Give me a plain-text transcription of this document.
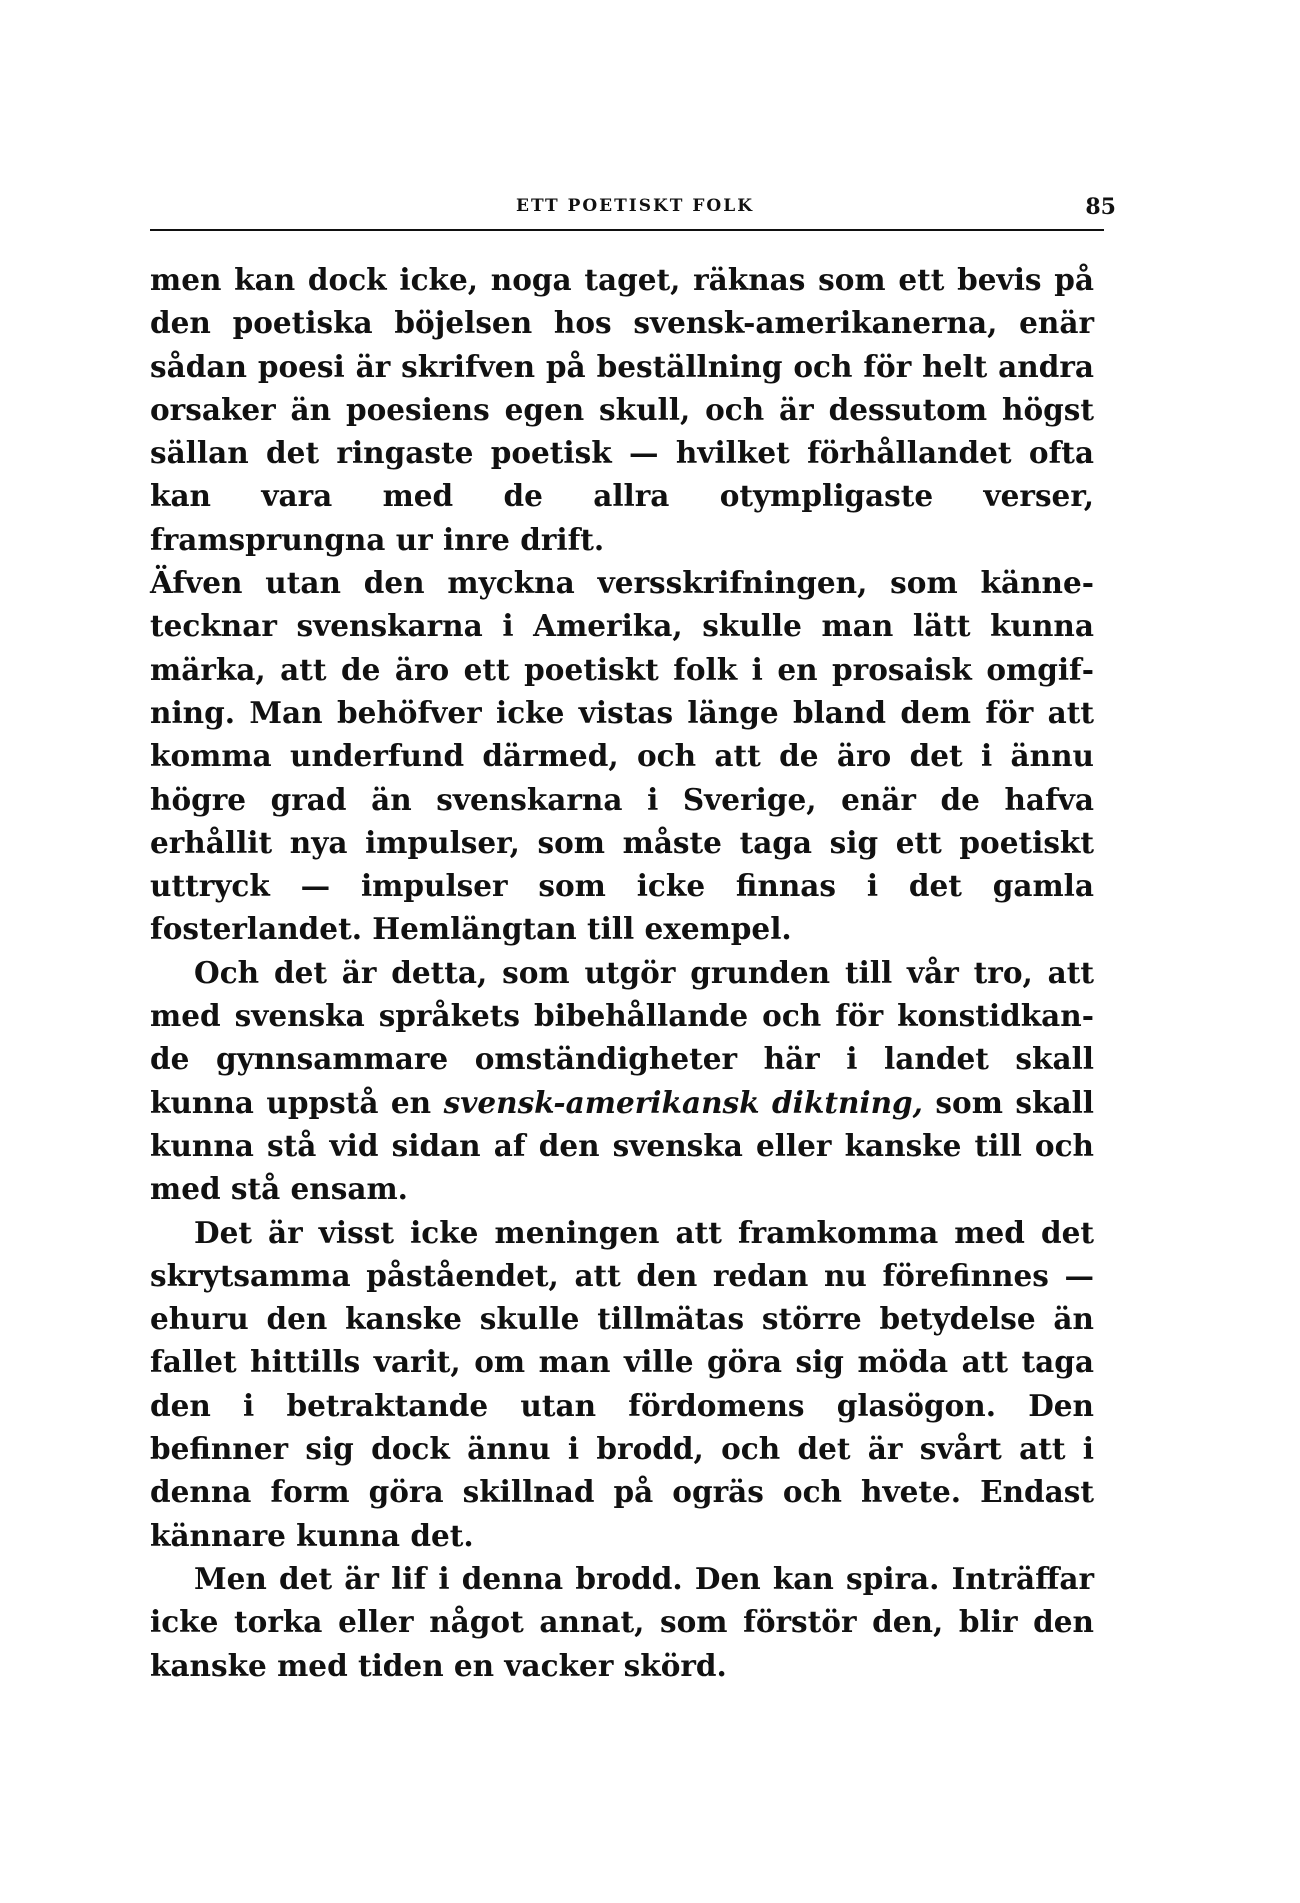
ETT POETISKT FOLK	85

men kan dock icke, noga taget, räknas som ett bevis på den poetiska böjelsen hos svensk-amerikanerna, enär sådan poesi är skrifven på beställning och för helt andra orsaker än poesiens egen skull, och är dessutom högst sällan det ringaste poetisk — hvilket förhållandet ofta kan vara med de allra otympligaste verser, framsprungna ur inre drift.

Äfven utan den myckna versskrifningen, som kännetecknar svenskarna i Amerika, skulle man lätt kunna märka, att de äro ett poetiskt folk i en prosaisk omgifning. Man behöfver icke vistas länge bland dem för att komma underfund därmed, och att de äro det i ännu högre grad än svenskarna i Sverige, enär de hafva erhållit nya impulser, som måste taga sig ett poetiskt uttryck — impulser som icke finnas i det gamla fosterlandet. Hemlängtan till exempel.

Och det är detta, som utgör grunden till vår tro, att med svenska språkets bibehållande och för konstidkande gynnsammare omständigheter här i landet skall kunna uppstå en svensk-amerikansk diktning, som skall kunna stå vid sidan af den svenska eller kanske till och med stå ensam.

Det är visst icke meningen att framkomma med det skrytsamma påståendet, att den redan nu förefinnes — ehuru den kanske skulle tillmätas större betydelse än fallet hittills varit, om man ville göra sig möda att taga den i betraktande utan fördomens glasögon. Den befinner sig dock ännu i brodd, och det är svårt att i denna form göra skillnad på ogräs och hvete. Endast kännare kunna det.

Men det är lif i denna brodd. Den kan spira. Inträffar icke torka eller något annat, som förstör den, blir den kanske med tiden en vacker skörd.
